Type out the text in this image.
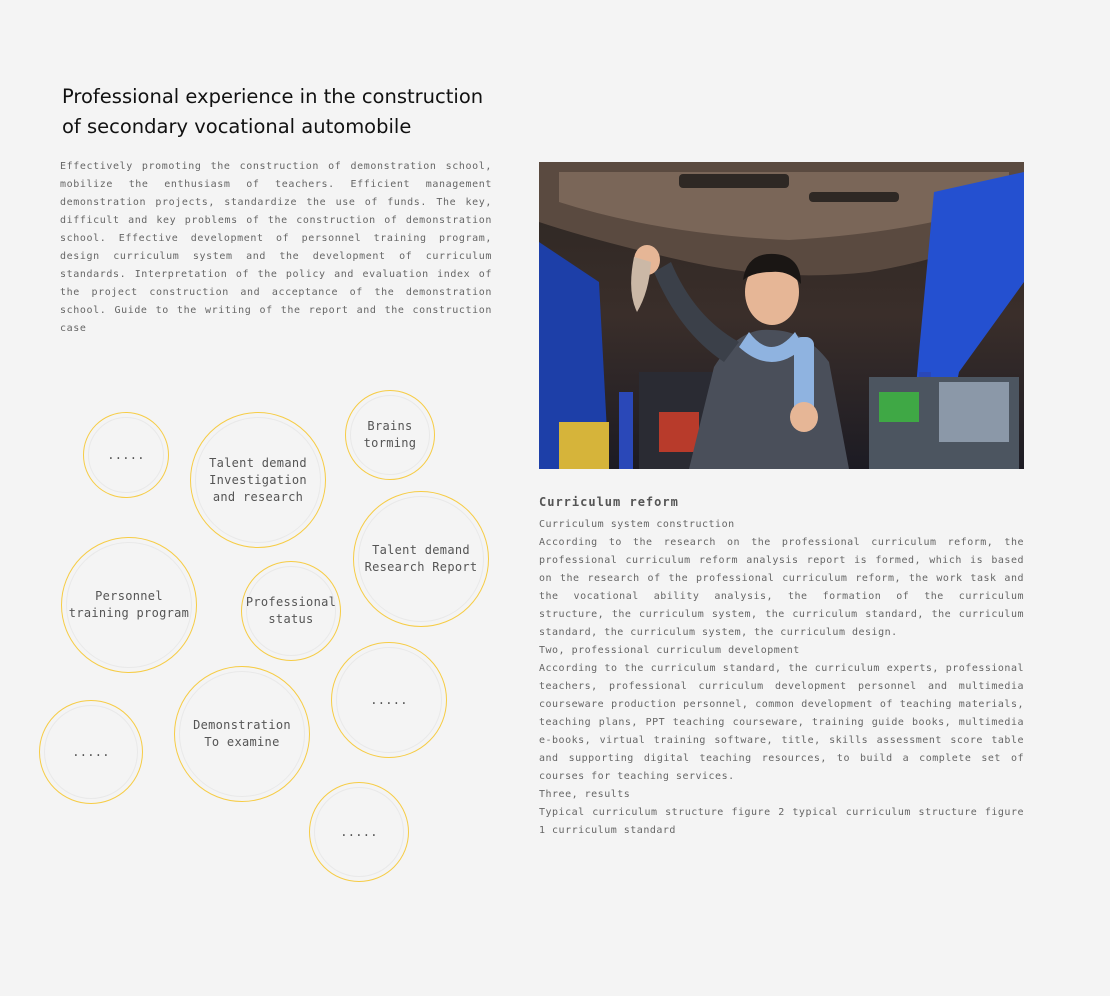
Professional experience in the construction
of secondary vocational automobile

Effectively promoting the construction of demonstration school, mobilize the enthusiasm of teachers. Efficient management demonstration projects, standardize the use of funds. The key, difficult and key problems of the construction of demonstration school. Effective development of personnel training program, design curriculum system and the development of curriculum standards. Interpretation of the policy and evaluation index of the project construction and acceptance of the demonstration school. Guide to the writing of the report and the construction case

.....
Talent demand
Investigation
and research
Brains
torming
Personnel
training program
Talent demand
Research Report
Professional
status
.....
Demonstration
To examine
.....
.....
Curriculum reform

Curriculum system construction

According to the research on the professional curriculum reform, the professional curriculum reform analysis report is formed, which is based on the research of the professional curriculum reform, the work task and the vocational ability analysis, the formation of the curriculum structure, the curriculum system, the curriculum standard, the curriculum standard, the curriculum system, the curriculum design.

Two, professional curriculum development

According to the curriculum standard, the curriculum experts, professional teachers, professional curriculum development personnel and multimedia courseware production personnel, common development of teaching materials, teaching plans, PPT teaching courseware, training guide books, multimedia e-books, virtual training software, title, skills assessment score table and supporting digital teaching resources, to build a complete set of courses for teaching services.

Three, results

Typical curriculum structure figure 2 typical curriculum structure figure 1 curriculum standard
